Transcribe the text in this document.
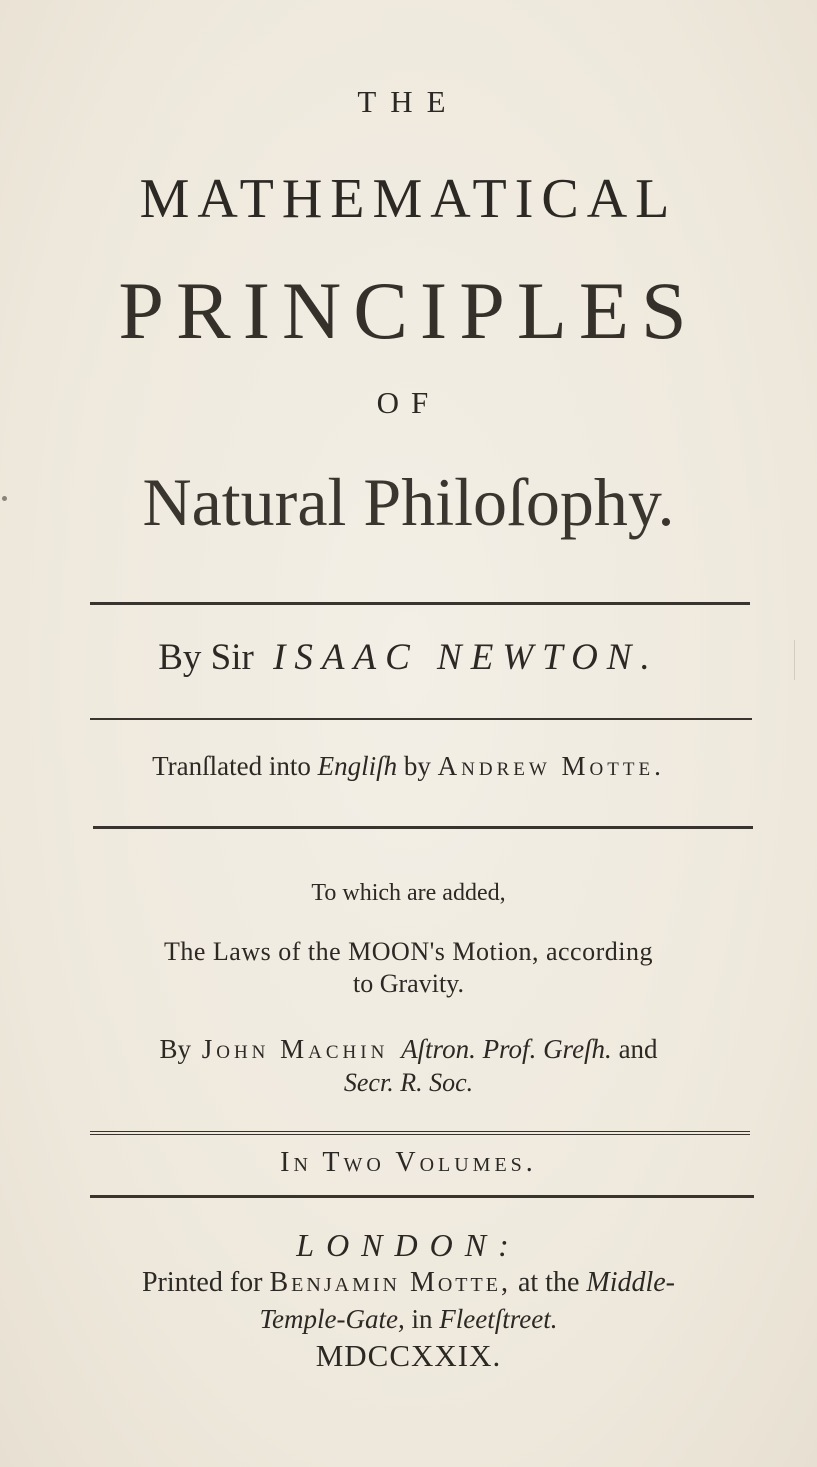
THE
MATHEMATICAL
PRINCIPLES
OF
Natural Philoſophy.
By Sir ISAAC NEWTON.
Tranſlated into Engliſh by Andrew Motte.
To which are added,
The Laws of the MOON's Motion, according
to Gravity.
By John Machin Aſtron. Prof. Greſh. and
Secr. R. Soc.
In Two Volumes.
LONDON:
Printed for Benjamin Motte, at the Middle-
Temple-Gate, in Fleetſtreet.
MDCCXXIX.
